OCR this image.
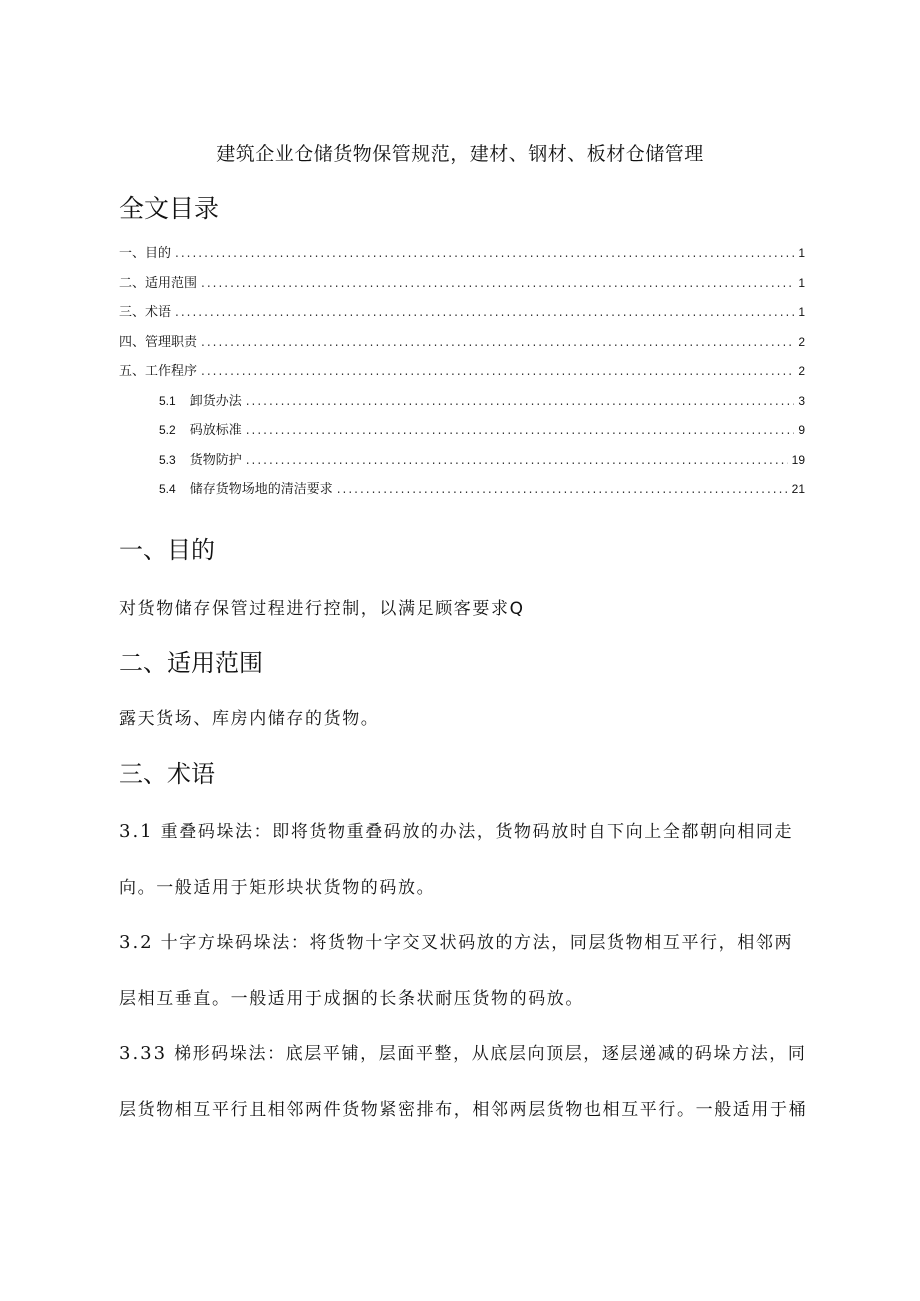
建筑企业仓储货物保管规范，建材、钢材、板材仓储管理
全文目录
一、目的 .....	1
二、适用范围 .....	1
三、术语 .....	1
四、管理职责 .....	2
五、工作程序 .....	2
5.1 卸货办法 .....	3
5.2 码放标准 .....	9
5.3 货物防护 .....	19
5.4 储存货物场地的清洁要求 .....	21
一、目的
对货物储存保管过程进行控制，以满足顾客要求Q
二、适用范围
露天货场、库房内储存的货物。
三、术语
3.1 重叠码垛法：即将货物重叠码放的办法，货物码放时自下向上全都朝向相同走
向。一般适用于矩形块状货物的码放。
3.2 十字方垛码垛法：将货物十字交叉状码放的方法，同层货物相互平行，相邻两
层相互垂直。一般适用于成捆的长条状耐压货物的码放。
3.33 梯形码垛法：底层平铺，层面平整，从底层向顶层，逐层递减的码垛方法，同
层货物相互平行且相邻两件货物紧密排布，相邻两层货物也相互平行。一般适用于桶
